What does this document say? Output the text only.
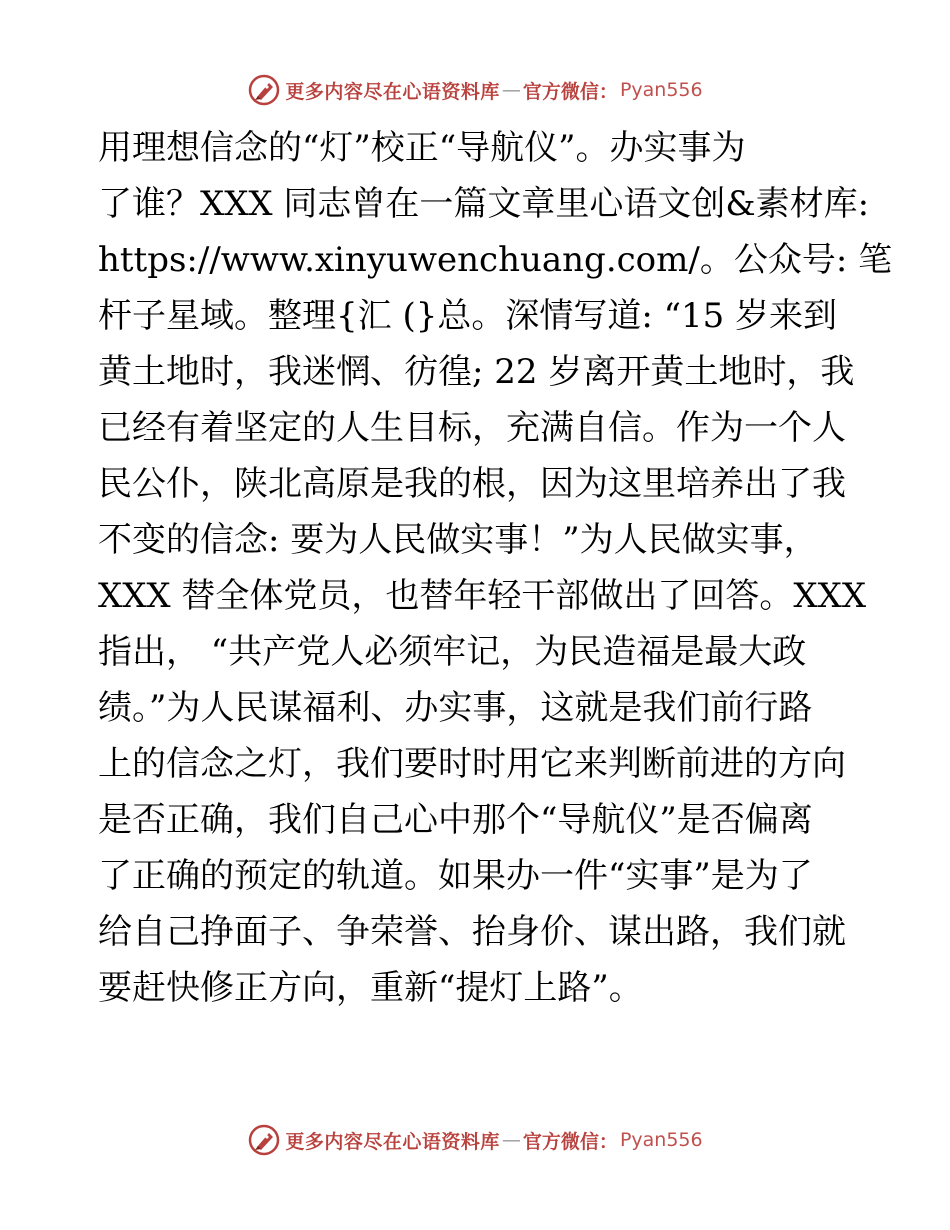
更多内容尽在心语资料库 — 官方微信： Pyan556
用理想信念的“灯”校正“导航仪”。办实事为
了谁？XXX 同志曾在一篇文章里心语文创&素材库:
https://www.xinyuwenchuang.com/。公众号: 笔
杆子星域。整理{汇 (}总。深情写道: “15 岁来到
黄土地时，我迷惘、彷徨; 22 岁离开黄土地时，我
已经有着坚定的人生目标，充满自信。作为一个人
民公仆，陕北高原是我的根，因为这里培养出了我
不变的信念: 要为人民做实事！”为人民做实事，
XXX 替全体党员，也替年轻干部做出了回答。XXX
指出， “共产党人必须牢记，为民造福是最大政
绩。”为人民谋福利、办实事，这就是我们前行路
上的信念之灯，我们要时时用它来判断前进的方向
是否正确，我们自己心中那个“导航仪”是否偏离
了正确的预定的轨道。如果办一件“实事”是为了
给自己挣面子、争荣誉、抬身价、谋出路，我们就
要赶快修正方向，重新“提灯上路”。
更多内容尽在心语资料库 — 官方微信： Pyan556
